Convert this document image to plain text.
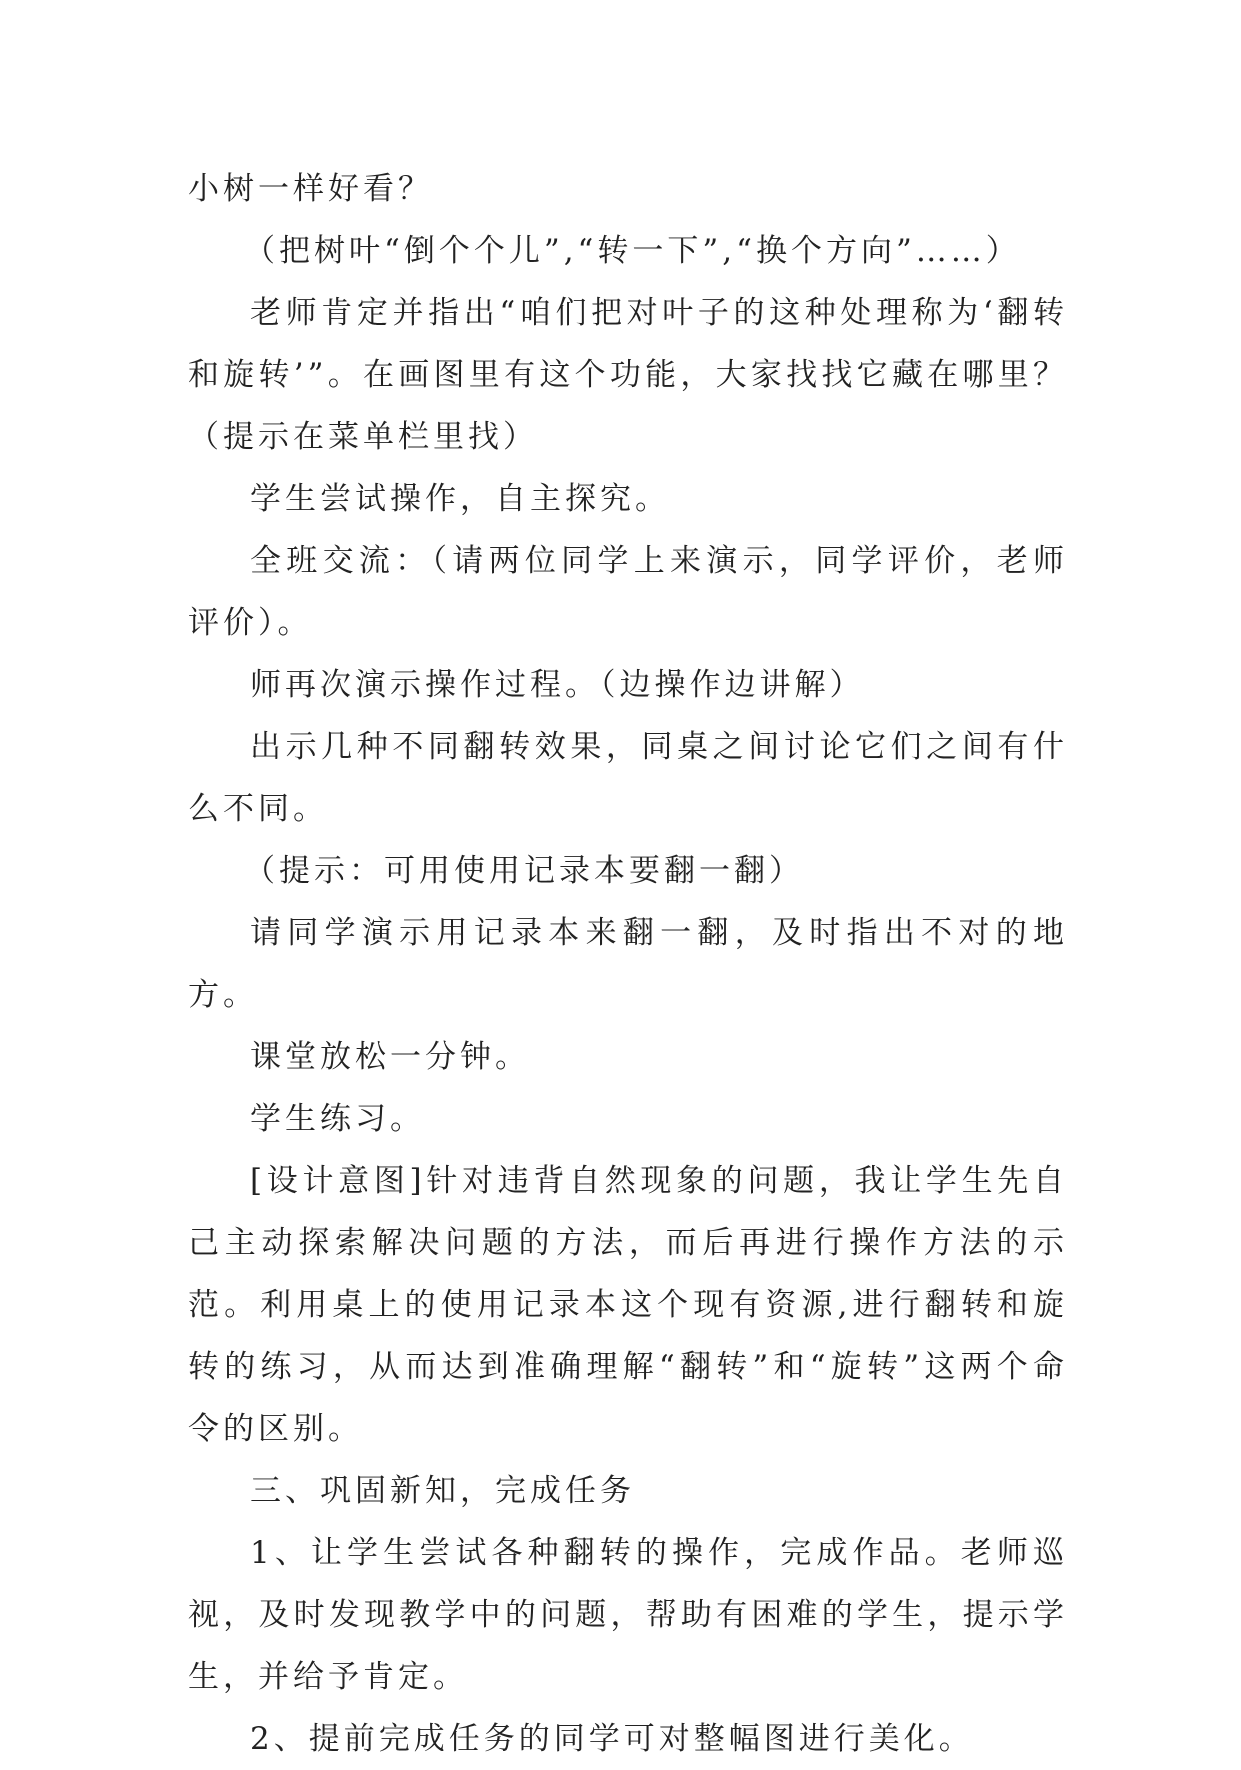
小树一样好看？

（把树叶“倒个个儿”,“转一下”,“换个方向”……）

老师肯定并指出“咱们把对叶子的这种处理称为‘翻转和旋转’”。在画图里有这个功能，大家找找它藏在哪里？（提示在菜单栏里找）

学生尝试操作，自主探究。

全班交流：（请两位同学上来演示，同学评价，老师评价）。

师再次演示操作过程。（边操作边讲解）

出示几种不同翻转效果，同桌之间讨论它们之间有什么不同。

（提示：可用使用记录本要翻一翻）

请同学演示用记录本来翻一翻，及时指出不对的地方。

课堂放松一分钟。

学生练习。

[设计意图]针对违背自然现象的问题，我让学生先自己主动探索解决问题的方法，而后再进行操作方法的示范。利用桌上的使用记录本这个现有资源,进行翻转和旋转的练习，从而达到准确理解“翻转”和“旋转”这两个命令的区别。

三、巩固新知，完成任务

1、让学生尝试各种翻转的操作，完成作品。老师巡视，及时发现教学中的问题，帮助有困难的学生，提示学生，并给予肯定。

2、提前完成任务的同学可对整幅图进行美化。
